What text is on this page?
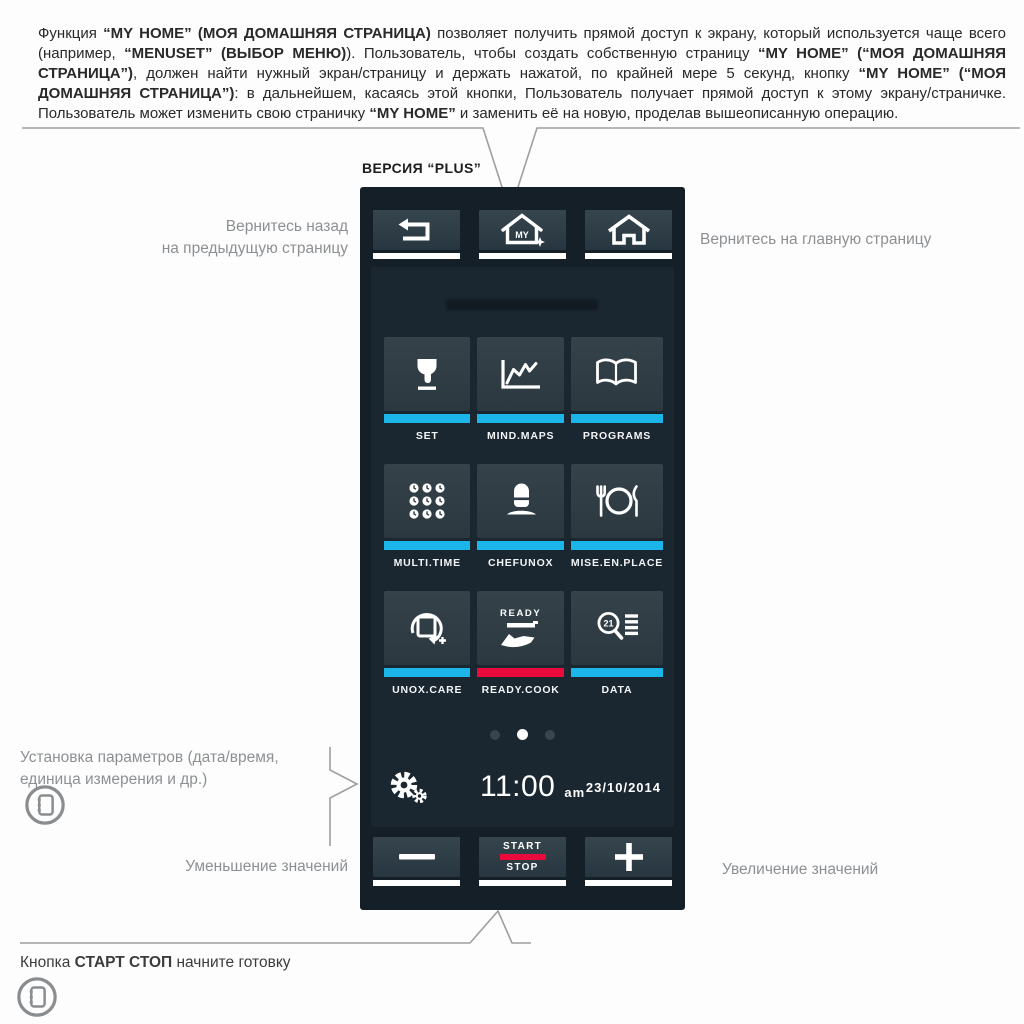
Функция “MY HOME” (МОЯ ДОМАШНЯЯ СТРАНИЦА) позволяет получить прямой доступ к экрану, который используется чаще всего (например, “MENUSET” (ВЫБОР МЕНЮ)). Пользователь, чтобы создать собственную страницу “MY HOME” (“МОЯ ДОМАШНЯЯ СТРАНИЦА”), должен найти нужный экран/страницу и держать нажатой, по крайней мере 5 секунд, кнопку “MY HOME” (“МОЯ ДОМАШНЯЯ СТРАНИЦА”): в дальнейшем, касаясь этой кнопки, Пользователь получает прямой доступ к этому экрану/страничке. Пользователь может изменить свою страничку “MY HOME” и заменить её на новую, проделав вышеописанную операцию.
ВЕРСИЯ “PLUS”
MY
SET	MIND.MAPS	PROGRAMS
MULTI.TIME	CHEFUNOX MISE.EN.PLACE
UNOX.CARE
READY
READY.COOK
21
DATA
11:00 am 23/10/2014
START
STOP
Вернитесь назад
на предыдущую страницу
Вернитесь на главную страницу
Установка параметров (дата/время,
единица измерения и др.)
Уменьшение значений	Увеличение значений
Кнопка СТАРТ СТОП начните готовку
